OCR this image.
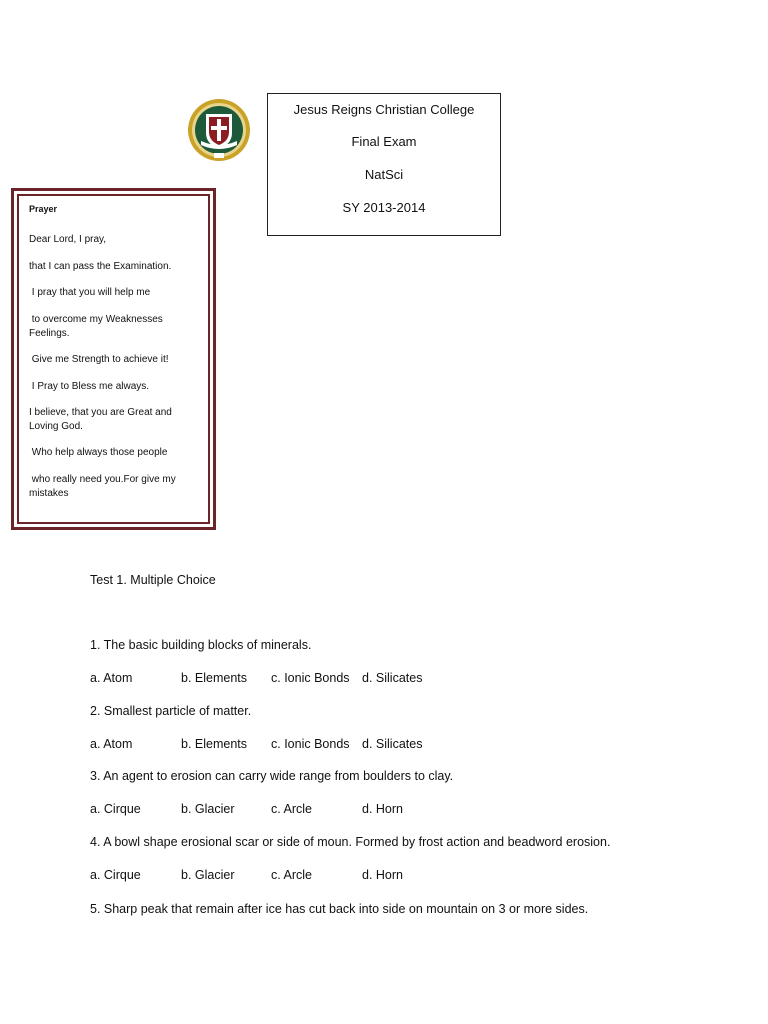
Jesus Reigns Christian College
Final Exam
NatSci
SY 2013-2014
Prayer
Dear Lord, I pray,
that I can pass the Examination.
I pray that you will help me
to overcome my Weaknesses Feelings.
Give me Strength to achieve it!
I Pray to Bless me always.
I believe, that you are Great and Loving God.
Who help always those people
who really need you.For give my mistakes
Test 1. Multiple Choice
1. The basic building blocks of minerals.
a. Atom	b. Elements c. Ionic Bonds d. Silicates
2. Smallest particle of matter.
a. Atom	b. Elements c. Ionic Bonds d. Silicates
3. An agent to erosion can carry wide range from boulders to clay.
a. Cirque	b. Glacier	c. Arcle	d. Horn
4. A bowl shape erosional scar or side of moun. Formed by frost action and beadword erosion.
a. Cirque	b. Glacier	c. Arcle	d. Horn
5. Sharp peak that remain after ice has cut back into side on mountain on 3 or more sides.
